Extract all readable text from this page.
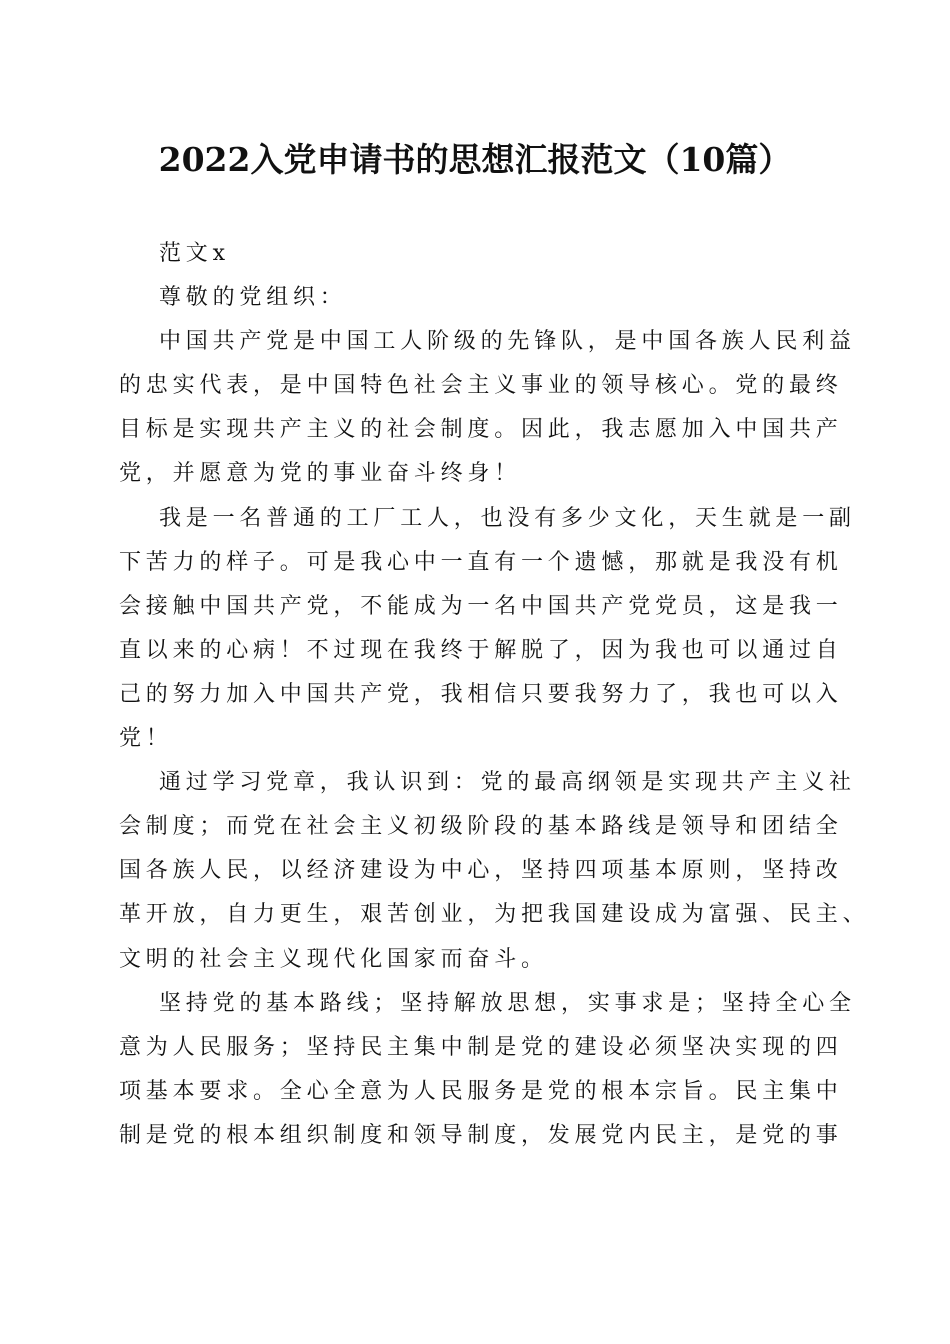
2022入党申请书的思想汇报范文（10篇）
范文x
尊敬的党组织：
中国共产党是中国工人阶级的先锋队，是中国各族人民利益
的忠实代表，是中国特色社会主义事业的领导核心。党的最终
目标是实现共产主义的社会制度。因此，我志愿加入中国共产
党，并愿意为党的事业奋斗终身！
我是一名普通的工厂工人，也没有多少文化，天生就是一副
下苦力的样子。可是我心中一直有一个遗憾，那就是我没有机
会接触中国共产党，不能成为一名中国共产党党员，这是我一
直以来的心病！不过现在我终于解脱了，因为我也可以通过自
己的努力加入中国共产党，我相信只要我努力了，我也可以入
党！
通过学习党章，我认识到：党的最高纲领是实现共产主义社
会制度；而党在社会主义初级阶段的基本路线是领导和团结全
国各族人民，以经济建设为中心，坚持四项基本原则，坚持改
革开放，自力更生，艰苦创业，为把我国建设成为富强、民主、
文明的社会主义现代化国家而奋斗。
坚持党的基本路线；坚持解放思想，实事求是；坚持全心全
意为人民服务；坚持民主集中制是党的建设必须坚决实现的四
项基本要求。全心全意为人民服务是党的根本宗旨。民主集中
制是党的根本组织制度和领导制度，发展党内民主，是党的事
